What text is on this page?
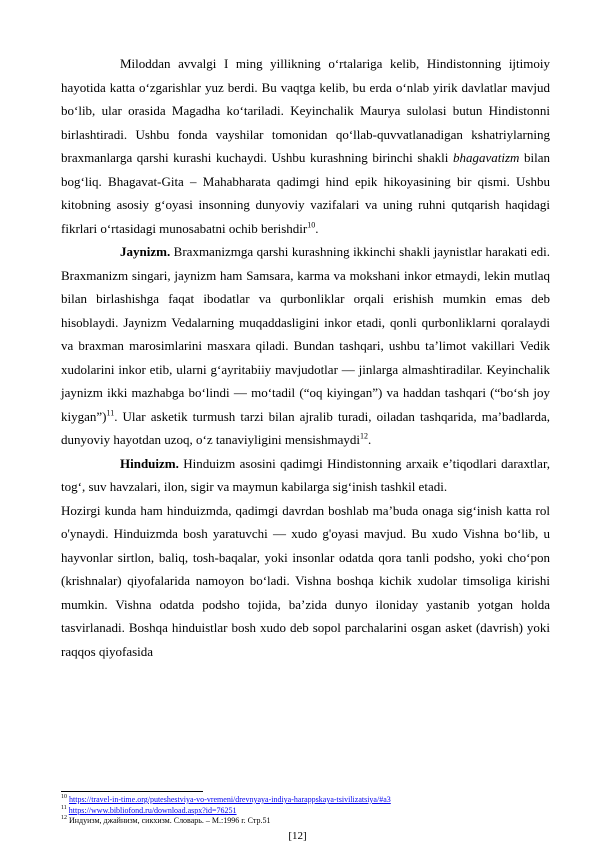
Miloddan avvalgi I ming yillikning o‘rtalariga kelib, Hindistonning ijtimoiy hayotida katta o‘zgarishlar yuz berdi. Bu vaqtga kelib, bu erda o‘nlab yirik davlatlar mavjud bo‘lib, ular orasida Magadha ko‘tariladi. Keyinchalik Maurya sulolasi butun Hindistonni birlashtiradi. Ushbu fonda vayshilar tomonidan qo‘llab-quvvatlanadigan kshatriylarning braxmanlarga qarshi kurashi kuchaydi. Ushbu kurashning birinchi shakli bhagavatizm bilan bog‘liq. Bhagavat-Gita – Mahabharata qadimgi hind epik hikoyasining bir qismi. Ushbu kitobning asosiy g‘oyasi insonning dunyoviy vazifalari va uning ruhni qutqarish haqidagi fikrlari o‘rtasidagi munosabatni ochib berishdir$^{10}$.

Jaynizm. Braxmanizmga qarshi kurashning ikkinchi shakli jaynistlar harakati edi. Braxmanizm singari, jaynizm ham Samsara, karma va mokshani inkor etmaydi, lekin mutlaq bilan birlashishga faqat ibodatlar va qurbonliklar orqali erishish mumkin emas deb hisoblaydi. Jaynizm Vedalarning muqaddasligini inkor etadi, qonli qurbonliklarni qoralaydi va braxman marosimlarini masxara qiladi. Bundan tashqari, ushbu ta’limot vakillari Vedik xudolarini inkor etib, ularni g‘ayritabiiy mavjudotlar — jinlarga almashtiradilar. Keyinchalik jaynizm ikki mazhabga bo‘lindi — mo‘tadil (“oq kiyingan”) va haddan tashqari (“bo‘sh joy kiygan”)$^{11}$. Ular asketik turmush tarzi bilan ajralib turadi, oiladan tashqarida, ma’badlarda, dunyoviy hayotdan uzoq, o‘z tanaviyligini mensishmaydi$^{12}$.

Hinduizm. Hinduizm asosini qadimgi Hindistonning arxaik e’tiqodlari daraxtlar, tog‘, suv havzalari, ilon, sigir va maymun kabilarga sig‘inish tashkil etadi.

Hozirgi kunda ham hinduizmda, qadimgi davrdan boshlab ma’buda onaga sig‘inish katta rol o'ynaydi. Hinduizmda bosh yaratuvchi — xudo g'oyasi mavjud. Bu xudo Vishna bo‘lib, u hayvonlar sirtlon, baliq, tosh-baqalar, yoki insonlar odatda qora tanli podsho, yoki cho‘pon (krishnalar) qiyofalarida namoyon bo‘ladi. Vishna boshqa kichik xudolar timsoliga kirishi mumkin. Vishna odatda podsho tojida, ba’zida dunyo iloniday yastanib yotgan holda tasvirlanadi. Boshqa hinduistlar bosh xudo deb sopol parchalarini osgan asket (davrish) yoki raqqos qiyofasida

$^{10}$ https://travel-in-time.org/puteshestviya-vo-vremeni/drevnyaya-indiya-harappskaya-tsivilizatsiya/#a3
$^{11}$ https://www.bibliofond.ru/download.aspx?id=76251
$^{12}$ Индуизм, джайнизм, сикхизм. Словарь. – М.:1996 г. Стр.51
[12]
